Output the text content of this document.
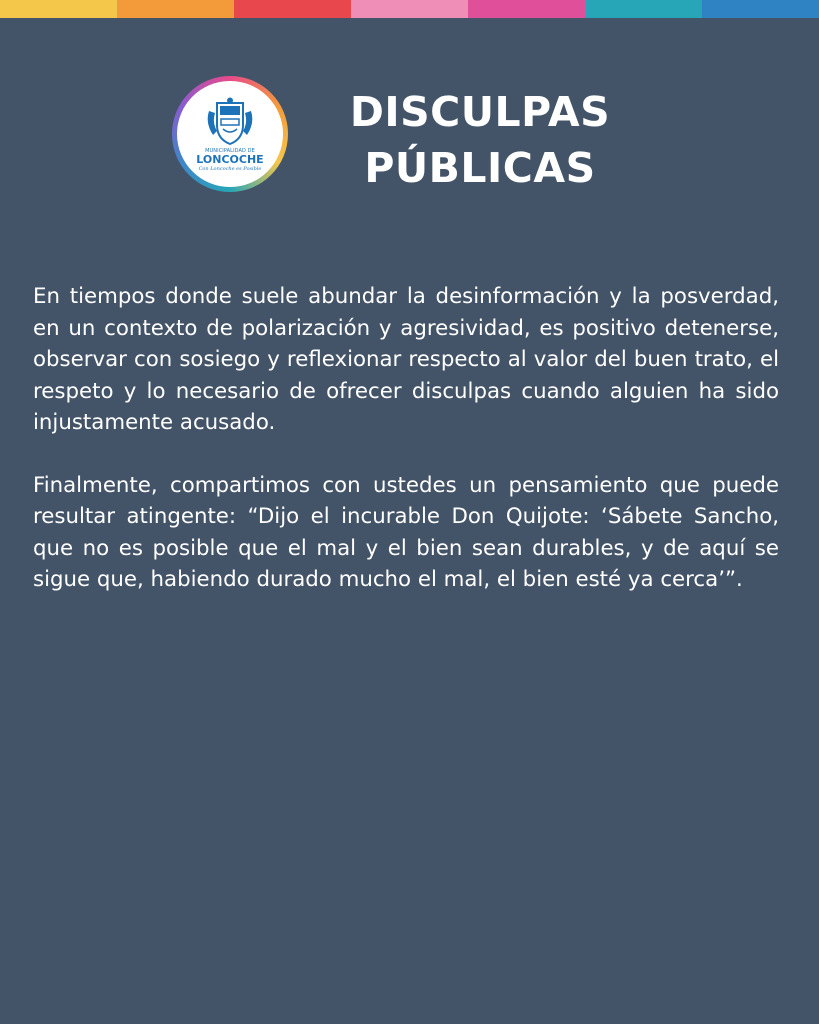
MUNICIPALIDAD DE
LONCOCHE
Con Loncoche es Posible
DISCULPAS
PÚBLICAS

En tiempos donde suele abundar la desinformación y la posverdad, en un contexto de polarización y agresividad, es positivo detenerse, observar con sosiego y reflexionar respecto al valor del buen trato, el respeto y lo necesario de ofrecer disculpas cuando alguien ha sido injustamente acusado.

Finalmente, compartimos con ustedes un pensamiento que puede resultar atingente: “Dijo el incurable Don Quijote: ‘Sábete Sancho, que no es posible que el mal y el bien sean durables, y de aquí se sigue que, habiendo durado mucho el mal, el bien esté ya cerca’”.
